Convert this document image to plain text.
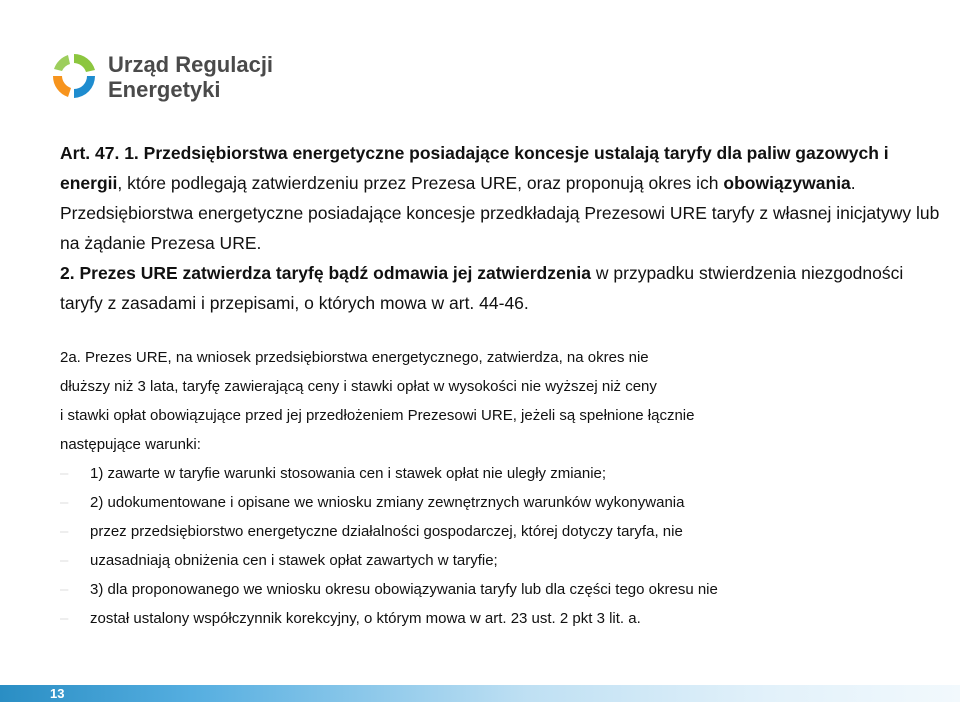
Urząd Regulacji
Energetyki

Art. 47. 1. Przedsiębiorstwa energetyczne posiadające koncesje ustalają taryfy dla paliw gazowych i energii, które podlegają zatwierdzeniu przez Prezesa URE, oraz proponują okres ich obowiązywania. Przedsiębiorstwa energetyczne posiadające koncesje przedkładają Prezesowi URE taryfy z własnej inicjatywy lub na żądanie Prezesa URE.

2. Prezes URE zatwierdza taryfę bądź odmawia jej zatwierdzenia w przypadku stwierdzenia niezgodności taryfy z zasadami i przepisami, o których mowa w art. 44-46.

2a. Prezes URE, na wniosek przedsiębiorstwa energetycznego, zatwierdza, na okres nie

dłuższy niż 3 lata, taryfę zawierającą ceny i stawki opłat w wysokości nie wyższej niż ceny

i stawki opłat obowiązujące przed jej przedłożeniem Prezesowi URE, jeżeli są spełnione łącznie

następujące warunki:

– 1) zawarte w taryfie warunki stosowania cen i stawek opłat nie uległy zmianie;

– 2) udokumentowane i opisane we wniosku zmiany zewnętrznych warunków wykonywania

– przez przedsiębiorstwo energetyczne działalności gospodarczej, której dotyczy taryfa, nie

– uzasadniają obniżenia cen i stawek opłat zawartych w taryfie;

– 3) dla proponowanego we wniosku okresu obowiązywania taryfy lub dla części tego okresu nie

– został ustalony współczynnik korekcyjny, o którym mowa w art. 23 ust. 2 pkt 3 lit. a.

13
